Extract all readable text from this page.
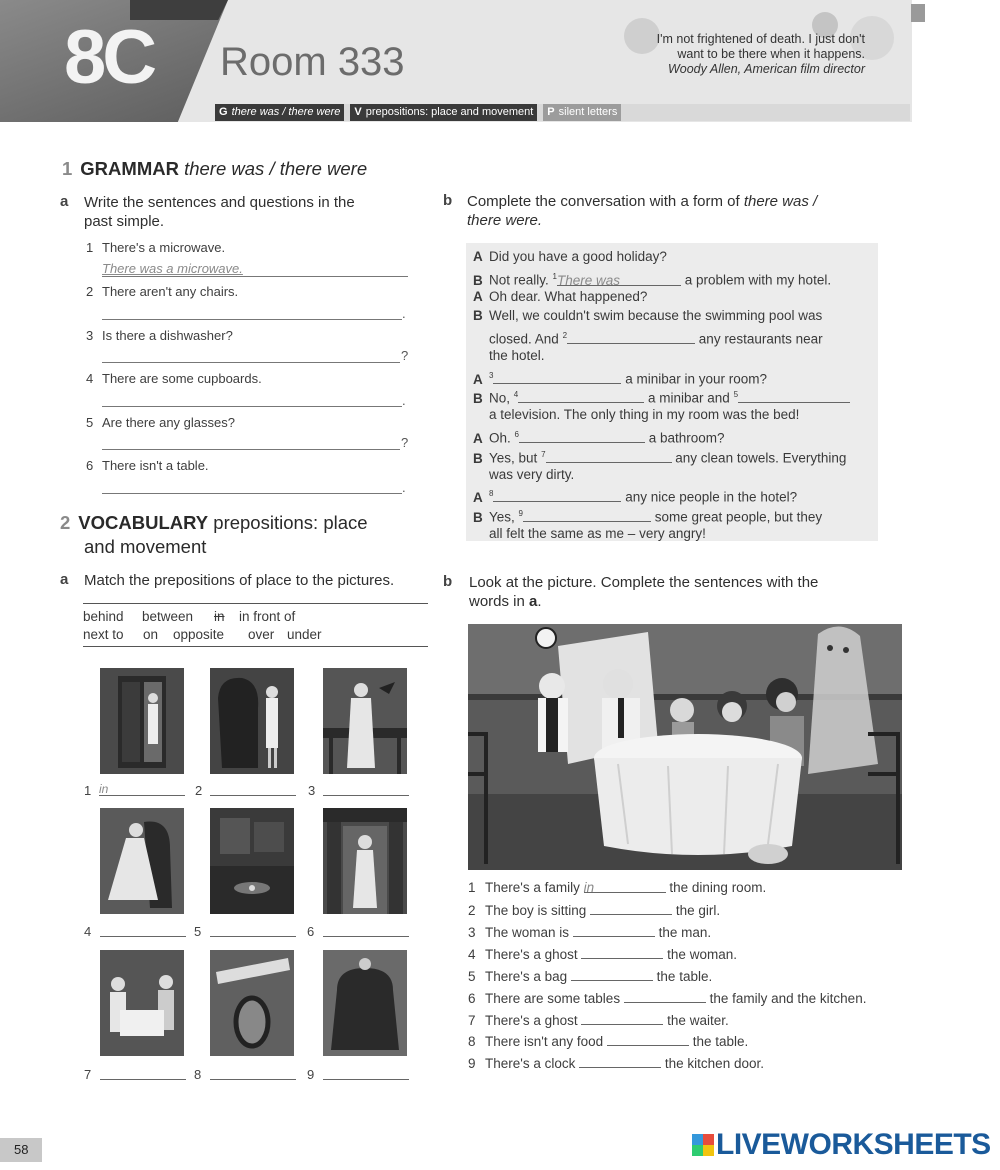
8C Room 333
I'm not frightened of death. I just don't
want to be there when it happens.
Woody Allen, American film director
G there was / there were	V prepositions: place and movement	P silent letters
1 GRAMMAR there was / there were
a Write the sentences and questions in the
past simple.
1 There's a microwave.
There was a microwave.
2 There aren't any chairs.
.
3 Is there a dishwasher?
?
4 There are some cupboards.
.
5 Are there any glasses?
?
6 There isn't a table.
.
b Complete the conversation with a form of there was /
there were.
A Did you have a good holiday?
B Not really. $^1$There was	a problem with my hotel.
A Oh dear. What happened?
B Well, we couldn't swim because the swimming pool was
closed. And $^2$	any restaurants near
the hotel.
A $^3$	a minibar in your room?
B No, $^4$	a minibar and $^5$
a television. The only thing in my room was the bed!
A Oh. $^6$	a bathroom?
B Yes, but $^7$	any clean towels. Everything
was very dirty.
A $^8$	any nice people in the hotel?
B Yes, $^9$	some great people, but they
all felt the same as me – very angry!
2 VOCABULARY prepositions: place
and movement
a Match the prepositions of place to the pictures.
behind between in in front of
next to on opposite over under
1 in	2	3
4	5	6
7	8	9
b Look at the picture. Complete the sentences with the
words in a.
1 There's a family in	the dining room.
2 The boy is sitting	the girl.
3 The woman is	the man.
4 There's a ghost	the woman.
5 There's a bag	the table.
6 There are some tables	the family and the kitchen.
7 There's a ghost	the waiter.
8 There isn't any food	the table.
9 There's a clock	the kitchen door.
58	LIVEWORKSHEETS
